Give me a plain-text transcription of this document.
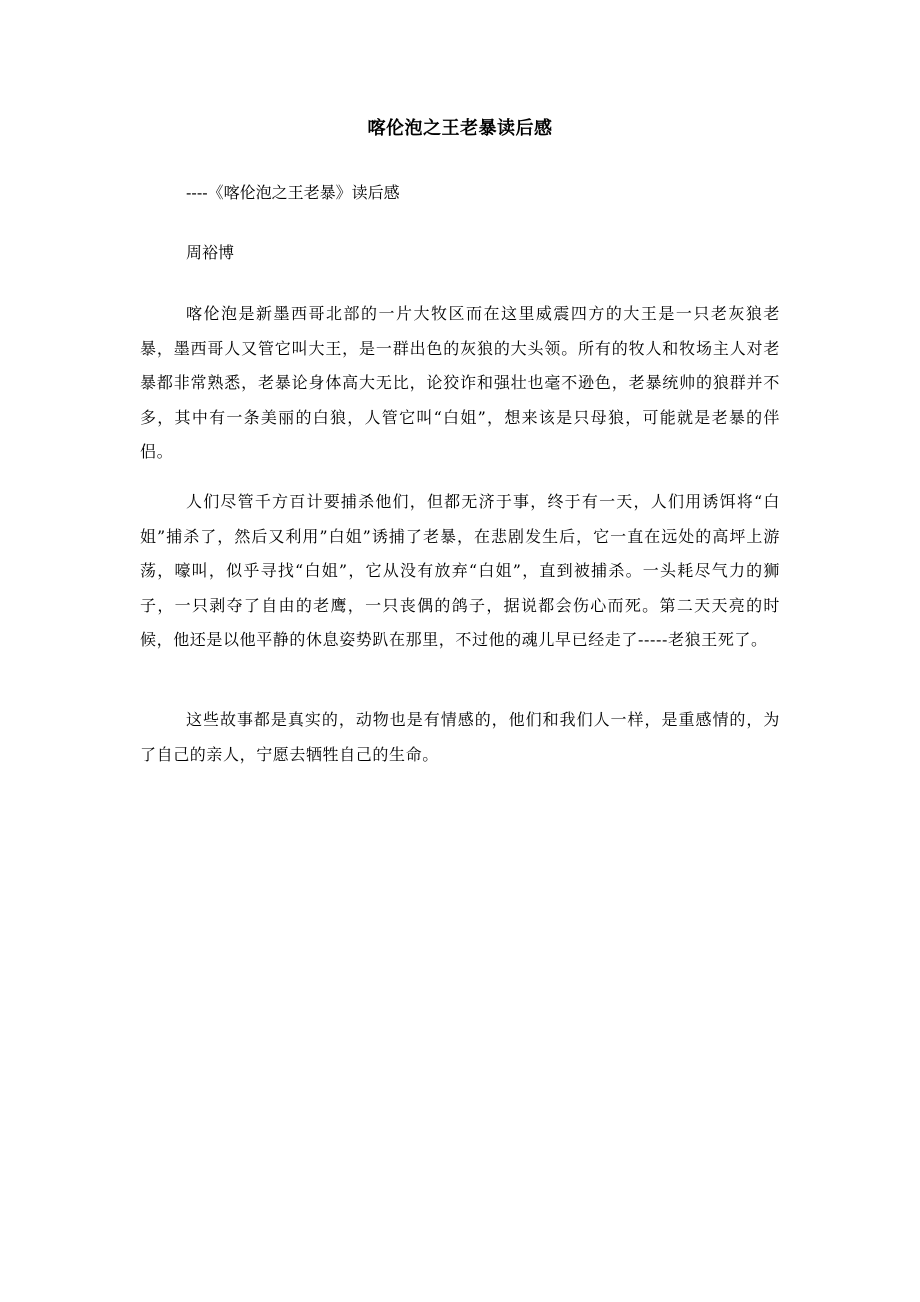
喀伦泡之王老暴读后感
----《喀伦泡之王老暴》读后感
周裕博

喀伦泡是新墨西哥北部的一片大牧区而在这里威震四方的大王是一只老灰狼老暴，墨西哥人又管它叫大王，是一群出色的灰狼的大头领。所有的牧人和牧场主人对老暴都非常熟悉，老暴论身体高大无比，论狡诈和强壮也毫不逊色，老暴统帅的狼群并不多，其中有一条美丽的白狼，人管它叫“白姐”，想来该是只母狼，可能就是老暴的伴侣。

人们尽管千方百计要捕杀他们，但都无济于事，终于有一天，人们用诱饵将“白姐”捕杀了，然后又利用”白姐”诱捕了老暴，在悲剧发生后，它一直在远处的高坪上游荡，嚎叫，似乎寻找“白姐”，它从没有放弃“白姐”，直到被捕杀。一头耗尽气力的狮子，一只剥夺了自由的老鹰，一只丧偶的鸽子，据说都会伤心而死。第二天天亮的时候，他还是以他平静的休息姿势趴在那里，不过他的魂儿早已经走了-----老狼王死了。

这些故事都是真实的，动物也是有情感的，他们和我们人一样，是重感情的，为了自己的亲人，宁愿去牺牲自己的生命。
